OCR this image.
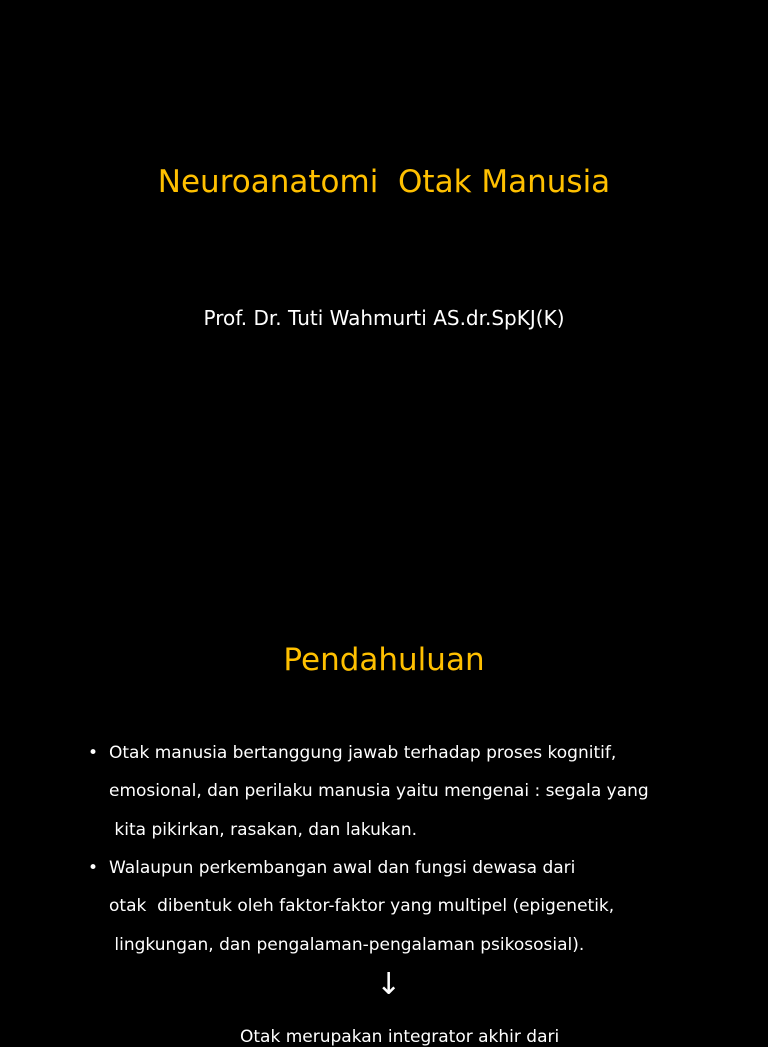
Neuroanatomi  Otak Manusia

Prof. Dr. Tuti Wahmurti AS.dr.SpKJ(K)

Pendahuluan
• Otak manusia bertanggung jawab terhadap proses kognitif,

emosional, dan perilaku manusia yaitu mengenai : segala yang

kita pikirkan, rasakan, dan lakukan.

• Walaupun perkembangan awal dan fungsi dewasa dari

otak  dibentuk oleh faktor-faktor yang multipel (epigenetik,

lingkungan, dan pengalaman-pengalaman psikososial).

↓

Otak merupakan integrator akhir dari
